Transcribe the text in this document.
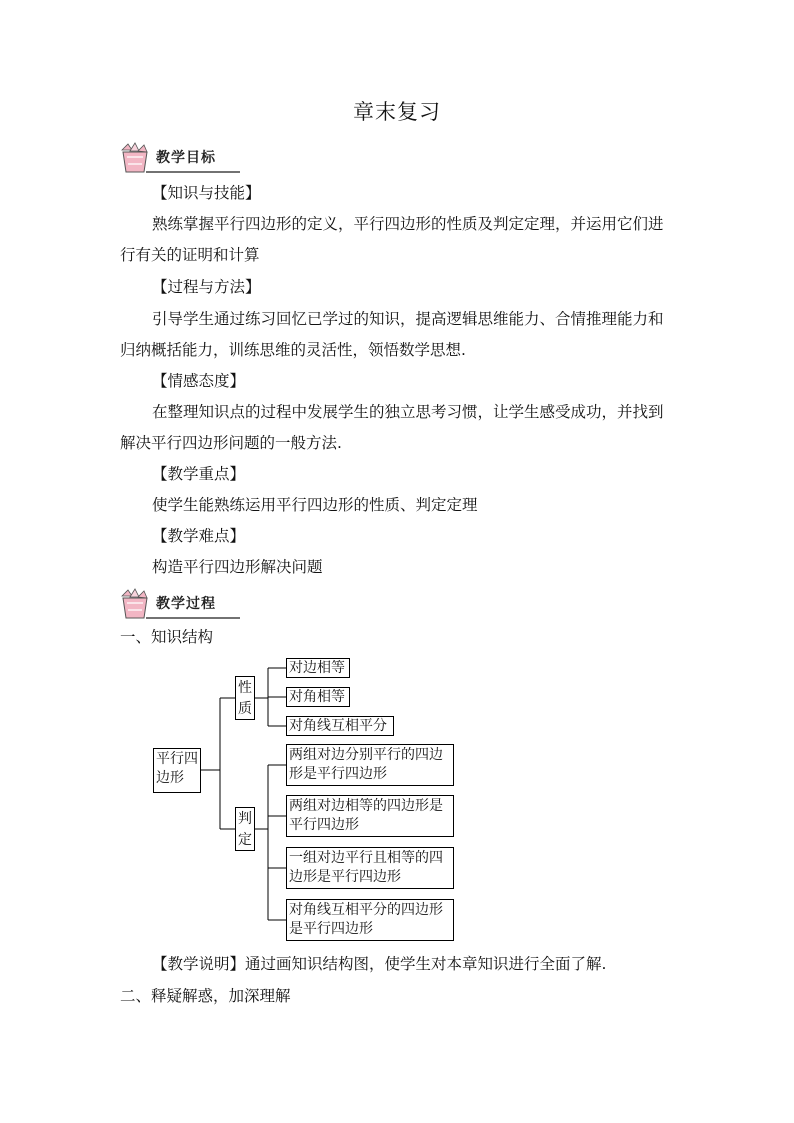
章末复习
教学目标
【知识与技能】
熟练掌握平行四边形的定义，平行四边形的性质及判定定理，并运用它们进
行有关的证明和计算
【过程与方法】
引导学生通过练习回忆已学过的知识，提高逻辑思维能力、合情推理能力和
归纳概括能力，训练思维的灵活性，领悟数学思想.
【情感态度】
在整理知识点的过程中发展学生的独立思考习惯，让学生感受成功，并找到
解决平行四边形问题的一般方法.
【教学重点】
使学生能熟练运用平行四边形的性质、判定定理
【教学难点】
构造平行四边形解决问题
教学过程
一、知识结构
平行四边形
性质
判定
对边相等
对角相等
对角线互相平分
两组对边分别平行的四边形是平行四边形
两组对边相等的四边形是平行四边形
一组对边平行且相等的四边形是平行四边形
对角线互相平分的四边形是平行四边形
【教学说明】通过画知识结构图，使学生对本章知识进行全面了解.
二、释疑解惑，加深理解
